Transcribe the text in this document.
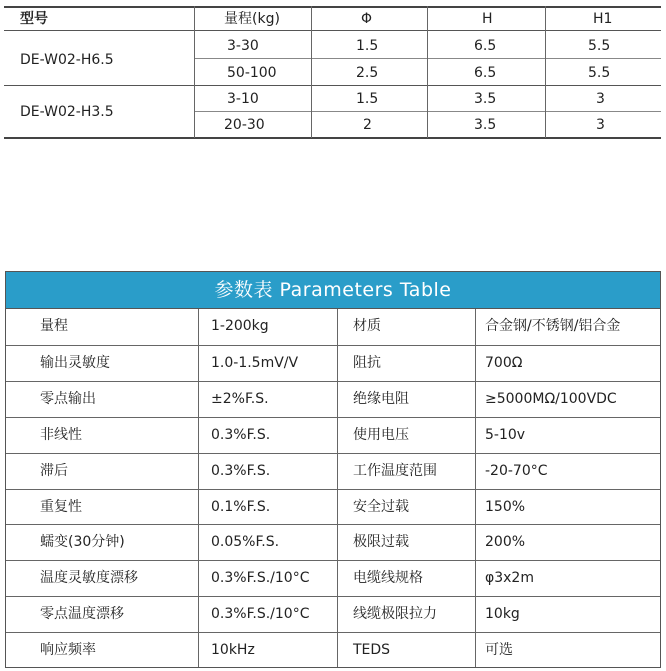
型号	量程(kg)	Φ	H	H1
DE-W02-H6.5
3-30	1.5	6.5	5.5
50-100	2.5	6.5	5.5
DE-W02-H3.5
3-10	1.5	3.5	3
20-30	2	3.5	3
参数表 Parameters Table
量程	1-200kg	材质	合金钢/不锈钢/铝合金
输出灵敏度	1.0-1.5mV/V	阻抗	700Ω
零点输出	±2%F.S.	绝缘电阻	≥5000MΩ/100VDC
非线性	0.3%F.S.	使用电压	5-10v
滞后	0.3%F.S.	工作温度范围	-20-70°C
重复性	0.1%F.S.	安全过载	150%
蠕变(30分钟)	0.05%F.S.	极限过载	200%
温度灵敏度漂移	0.3%F.S./10°C	电缆线规格	φ3x2m
零点温度漂移	0.3%F.S./10°C	线缆极限拉力	10kg
响应频率	10kHz	TEDS	可选
